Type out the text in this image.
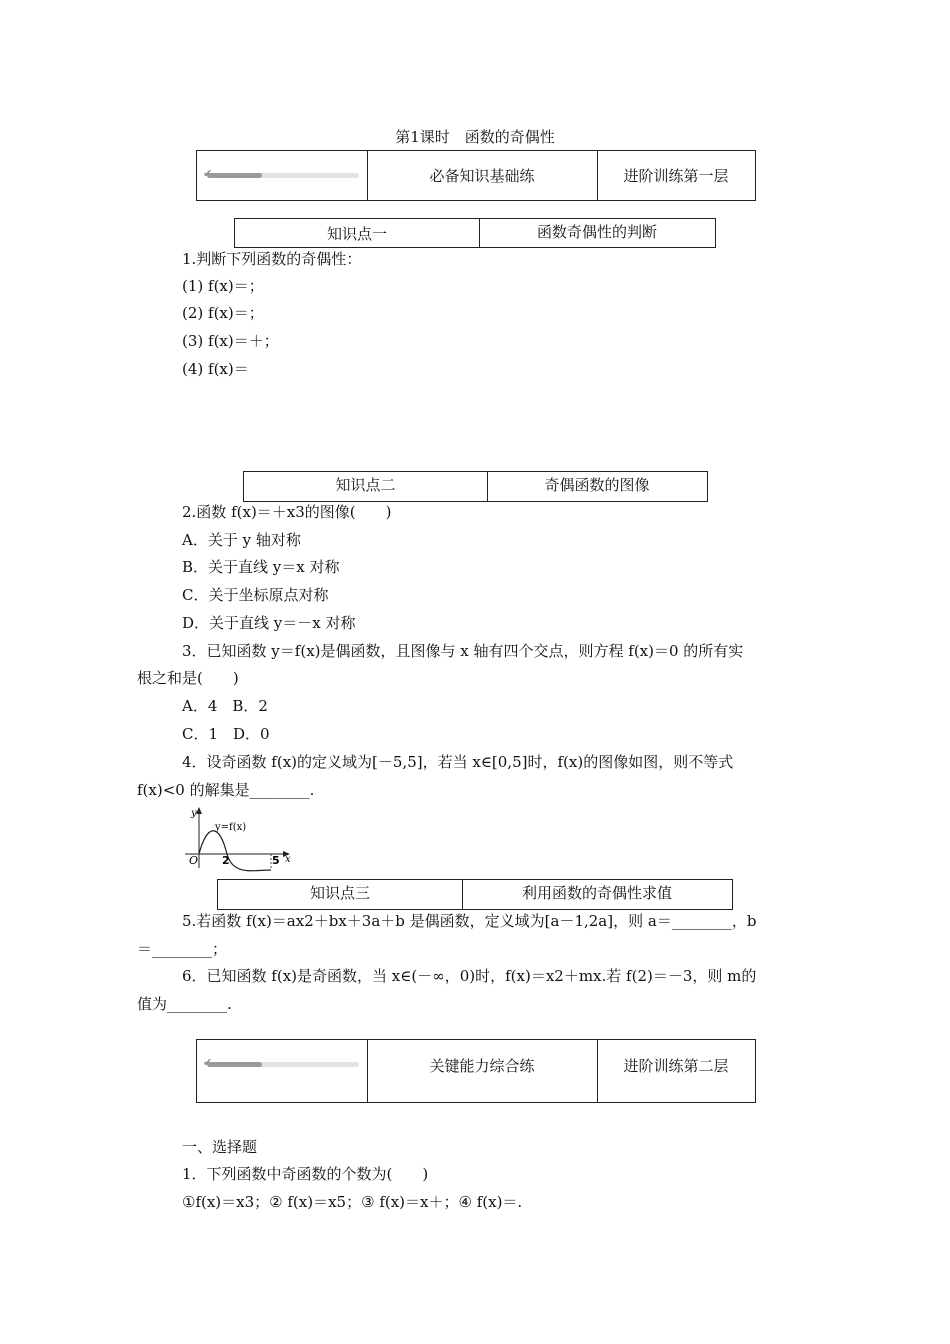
第1课时　函数的奇偶性
✔	必备知识基础练	进阶训练第一层
知识点一	函数奇偶性的判断
1.判断下列函数的奇偶性：
(1) f(x)＝；
(2) f(x)＝；
(3) f(x)＝＋；
(4) f(x)＝
知识点二	奇偶函数的图像
2.函数 f(x)＝＋x3的图像(　　)
A．关于 y 轴对称
B．关于直线 y＝x 对称
C．关于坐标原点对称
D．关于直线 y＝－x 对称
3．已知函数 y＝f(x)是偶函数，且图像与 x 轴有四个交点，则方程 f(x)＝0 的所有实
根之和是(　　)
A．4　B．2
C．1　D．0
4．设奇函数 f(x)的定义域为[－5,5]，若当 x∈[0,5]时，f(x)的图像如图，则不等式
f(x)<0 的解集是________.
y
x
y=f(x)
O 2	5
知识点三	利用函数的奇偶性求值
5.若函数 f(x)＝ax2＋bx＋3a＋b 是偶函数，定义域为[a－1,2a]，则 a＝________，b
＝________；
6．已知函数 f(x)是奇函数，当 x∈(－∞，0)时，f(x)＝x2＋mx.若 f(2)＝－3，则 m的
值为________.
✔	关键能力综合练	进阶训练第二层
一、选择题
1．下列函数中奇函数的个数为(　　)
①f(x)＝x3；② f(x)＝x5；③ f(x)＝x＋；④ f(x)＝.
